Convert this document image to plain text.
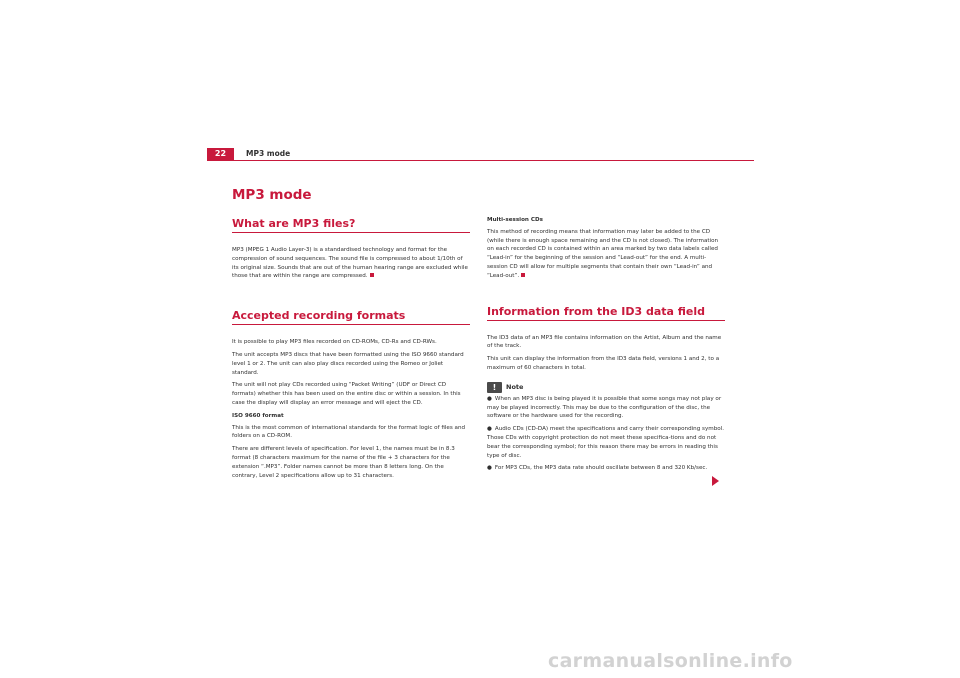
22	MP3 mode
MP3 mode
What are MP3 files?

MP3 (MPEG 1 Audio Layer-3) is a standardised technology and format for the compression of sound sequences. The sound file is compressed to about 1/10th of its original size. Sounds that are out of the human hearing range are excluded while those that are within the range are compressed.

Accepted recording formats

It is possible to play MP3 files recorded on CD-ROMs, CD-Rs and CD-RWs.

The unit accepts MP3 discs that have been formatted using the ISO 9660 standard level 1 or 2. The unit can also play discs recorded using the Romeo or Joliet standard.

The unit will not play CDs recorded using “Packet Writing” (UDF or Direct CD formats) whether this has been used on the entire disc or within a session. In this case the display will display an error message and will eject the CD.

ISO 9660 format

This is the most common of international standards for the format logic of files and folders on a CD-ROM.

There are different levels of specification. For level 1, the names must be in 8.3 format (8 characters maximum for the name of the file + 3 characters for the extension “.MP3”. Folder names cannot be more than 8 letters long. On the contrary, Level 2 specifications allow up to 31 characters.

Multi-session CDs

This method of recording means that information may later be added to the CD (while there is enough space remaining and the CD is not closed). The information on each recorded CD is contained within an area marked by two data labels called “Lead-in” for the beginning of the session and “Lead-out” for the end. A multi-session CD will allow for multiple segments that contain their own “Lead-in” and “Lead-out”.

Information from the ID3 data field

The ID3 data of an MP3 file contains information on the Artist, Album and the name of the track.

This unit can display the information from the ID3 data field, versions 1 and 2, to a maximum of 60 characters in total.

!
Note

● When an MP3 disc is being played it is possible that some songs may not play or may be played incorrectly. This may be due to the configuration of the disc, the software or the hardware used for the recording.

● Audio CDs (CD-DA) meet the specifications and carry their corresponding symbol. Those CDs with copyright protection do not meet these specifica-tions and do not bear the corresponding symbol; for this reason there may be errors in reading this type of disc.

● For MP3 CDs, the MP3 data rate should oscillate between 8 and 320 Kb/sec.

carmanualsonline.info
